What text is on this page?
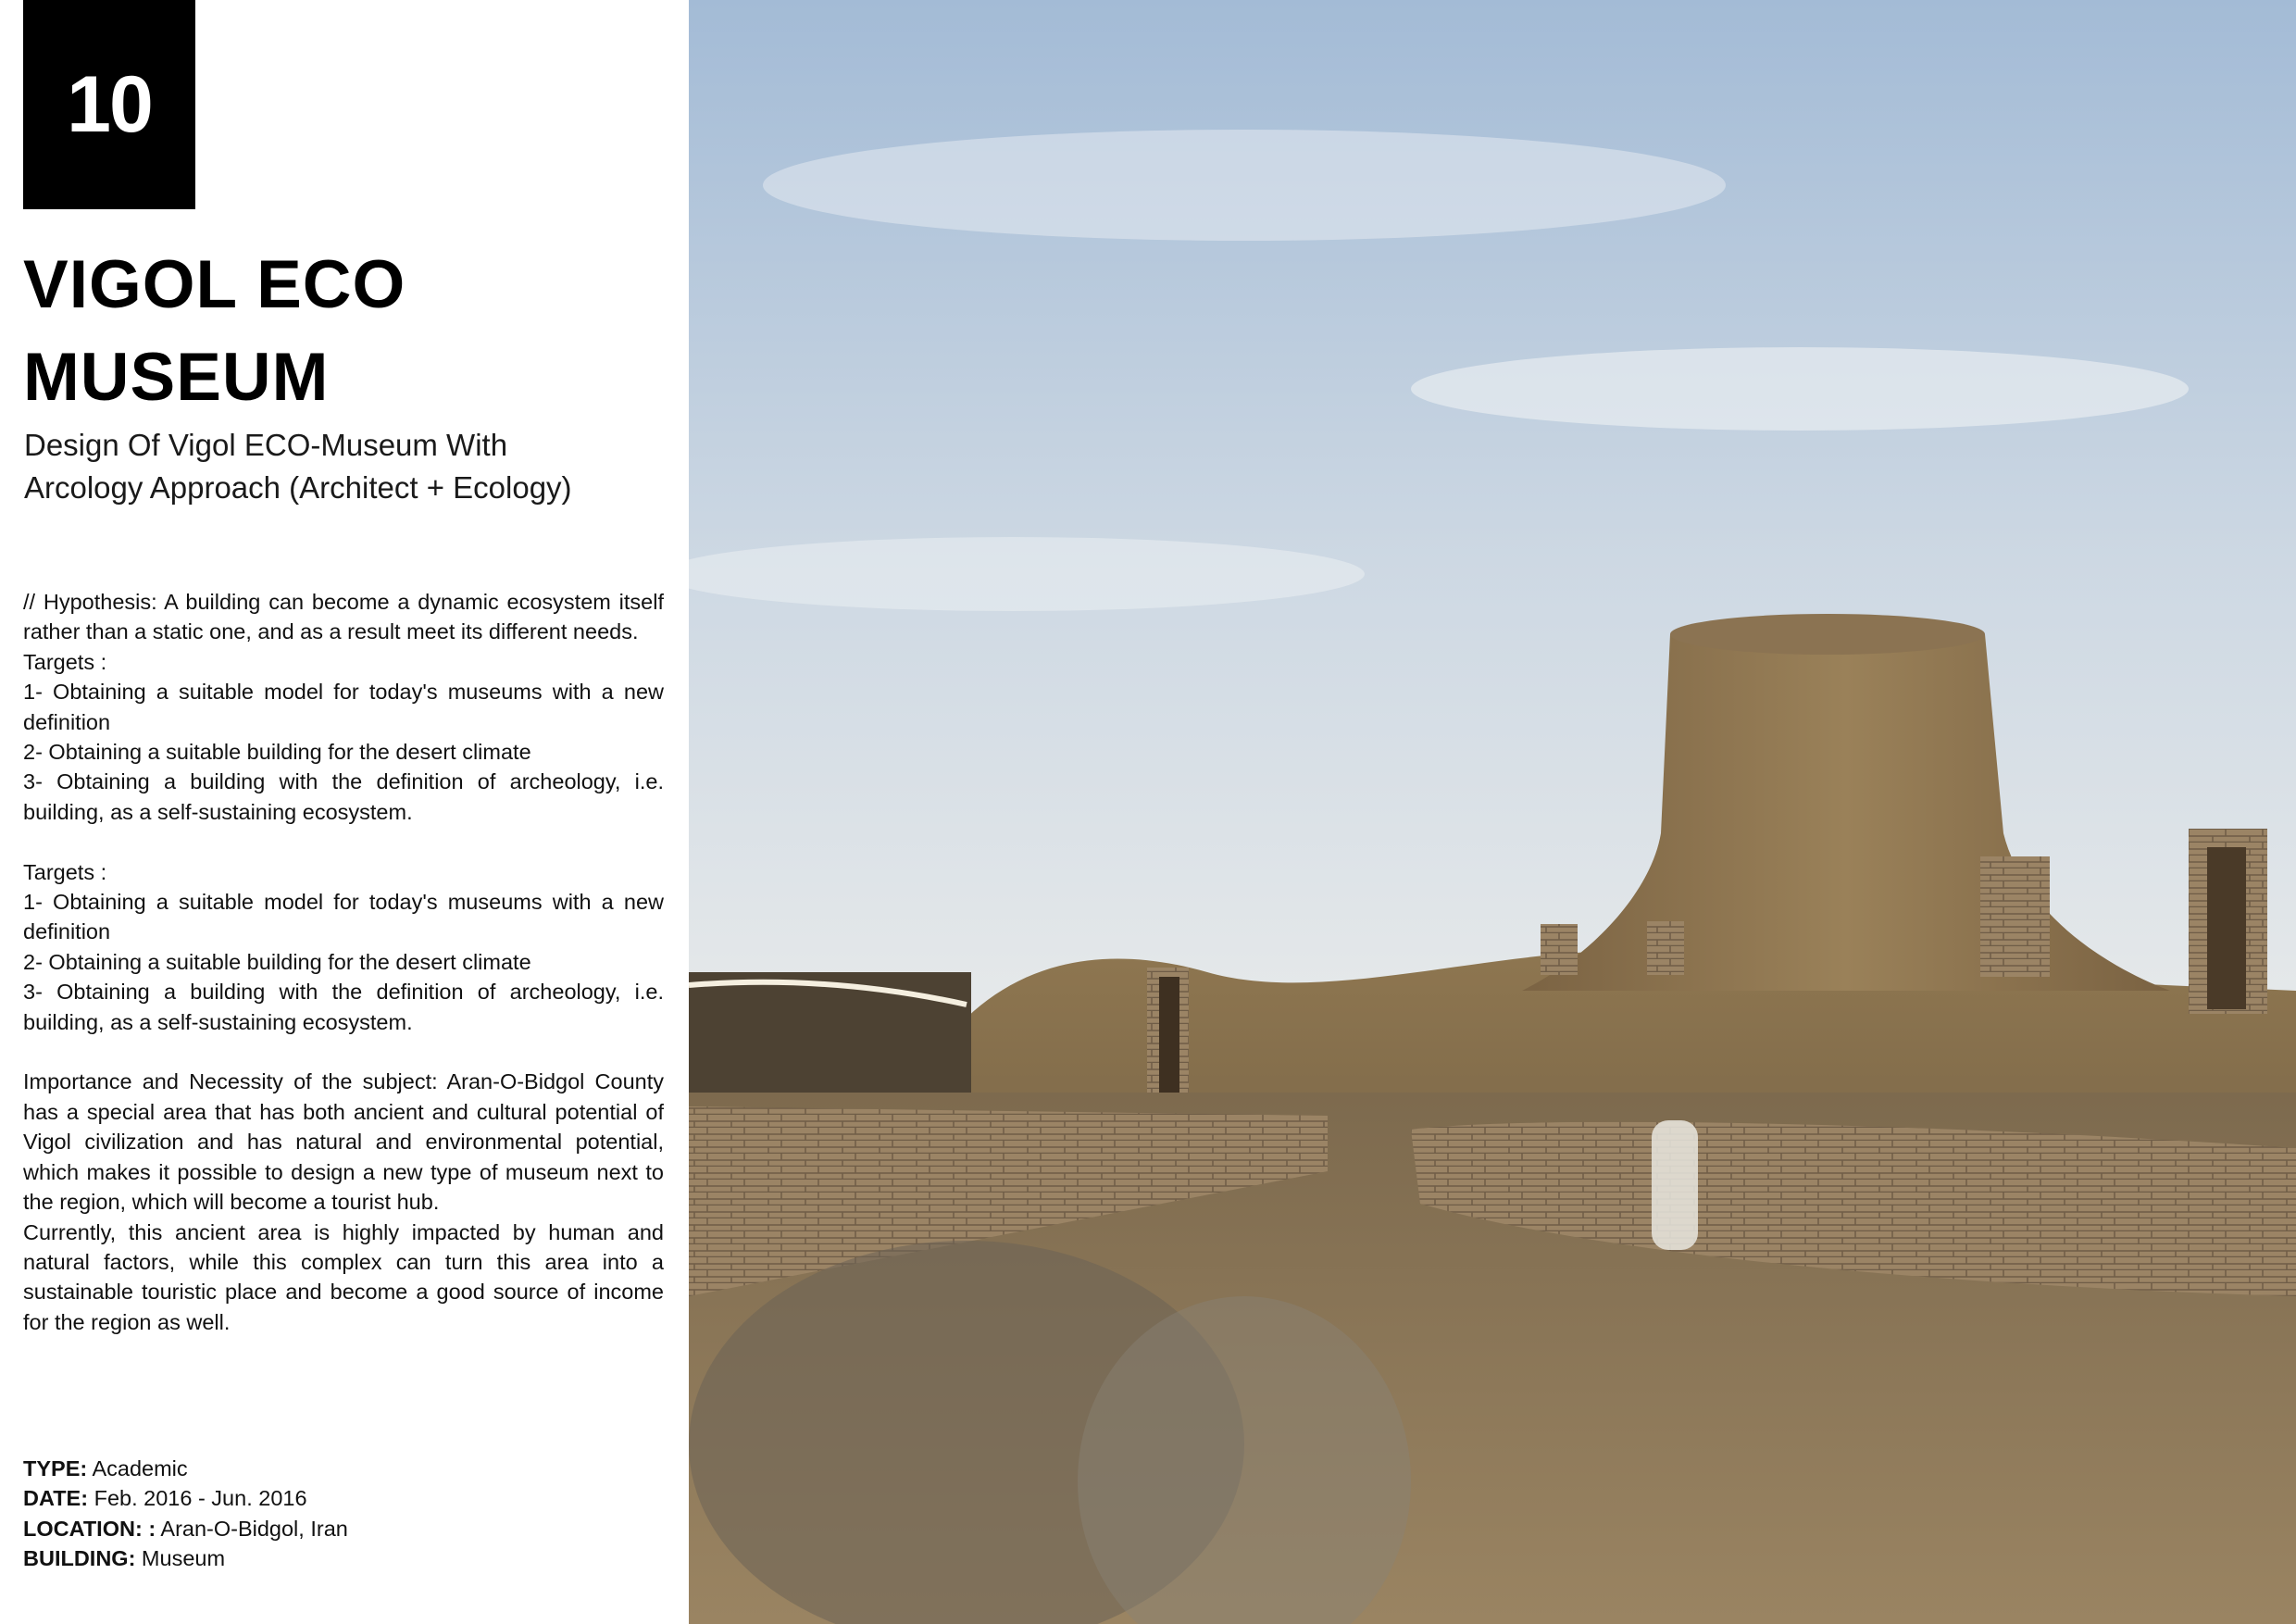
10
VIGOL ECO
MUSEUM
Design Of Vigol ECO-Museum With
Arcology Approach (Architect + Ecology)

// Hypothesis: A building can become a dynamic ecosystem itself rather than a static one, and as a result meet its different needs.

Targets :

1- Obtaining a suitable model for today's museums with a new definition

2- Obtaining a suitable building for the desert climate

3- Obtaining a building with the definition of archeology, i.e. building, as a self-sustaining ecosystem.

Targets :

1- Obtaining a suitable model for today's museums with a new definition

2- Obtaining a suitable building for the desert climate

3- Obtaining a building with the definition of archeology, i.e. building, as a self-sustaining ecosystem.

Importance and Necessity of the subject: Aran-O-Bidgol County has a special area that has both ancient and cultural potential of Vigol civilization and has natural and environmental potential, which makes it possible to design a new type of museum next to the region, which will become a tourist hub.

Currently, this ancient area is highly impacted by human and natural factors, while this complex can turn this area into a sustainable touristic place and become a good source of income for the region as well.

TYPE: Academic
DATE: Feb. 2016 - Jun. 2016
LOCATION: : Aran-O-Bidgol, Iran
BUILDING: Museum
